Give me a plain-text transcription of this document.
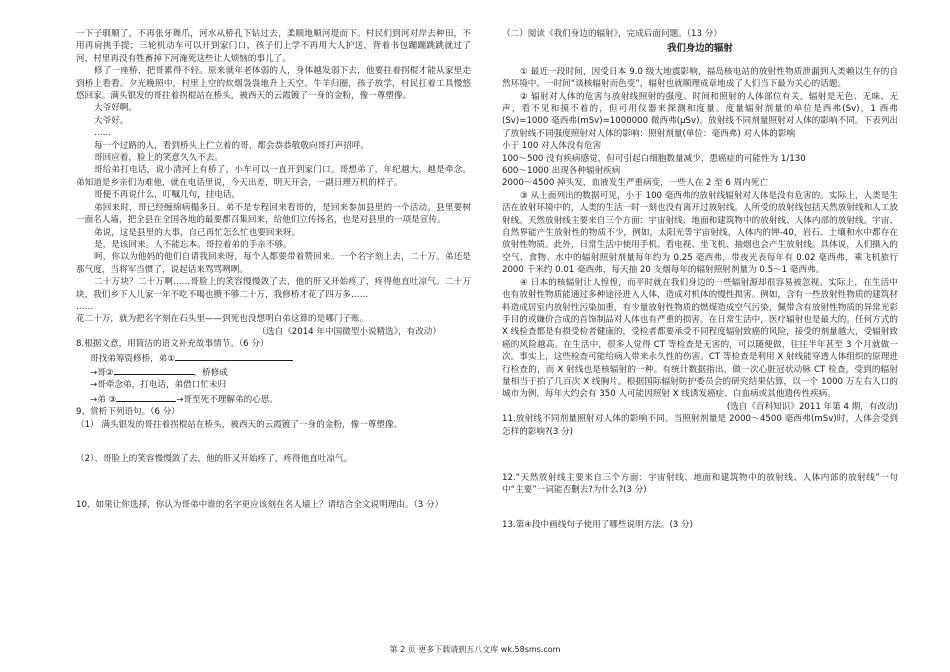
一下子驯顺了，不再张牙舞爪，河水从桥孔下钻过去，柔顺地顺河堤而下。村民们到河对岸去种田，不用再肩挑手提；三轮机动车可以开到家门口，孩子们上学不再用大人护送，背着书包蹦蹦跳跳就过了河，村里再没有牲畜掉下河淹死这些让人烦恼的事儿了。

修了一座桥，把哥累得不轻。原来就年老体弱的人，身体越发弱下去，他要拄着拐棍才能从家里走到桥上看看。夕光晚照中，村里上空的炊烟袅袅地升上天空。牛羊归圈，孩子放学，村民扛着工具慢悠悠回家。满头银发的哥拄着拐棍站在桥头，被西天的云霞镀了一身的金粉，像一尊塑像。

大爷好啊。

大爷好。

……

每一个过路的人，看到桥头上伫立着的哥，都会恭恭敬敬向哥打声招呼。

哥回应着，脸上的笑意久久不去。

哥给弟打电话，说小清河上有桥了，小车可以一直开到家门口。哥想弟了，年纪越大，越是牵念。弟知道是乡亲们为难他，就在电话里说，今天出差，明天开会，一副日理万机的样子。

哥便不再说什么，叮嘱几句，挂电话。

弟回来时，哥已经缠绵病榻多日。弟不是专程回来看哥的，是回来参加县里的一个活动。县里要树一面名人墙，把全县在全国各地的最要都召集回来，给他们立传扬名，也是对县里的一项是宣传。

弟说，这是县里的大事，自己再忙怎么忙也要回来呀。

是，是该回来。人不能忘本。哥拉着弟的手亲不够。

呵，你以为他妈的他们自请我回来呀，每个人都要带着赞回来。一个名字刻上去，二十万。弟还是那气度，当将军当惯了，说起话来骂骂咧咧。

二十万块？二十万啊……哥脸上的笑容慢慢敛了去，他的肝又开始疼了，疼得他直吐凉气。二十万块，我们乡下人儿家一年不吃不喝也攒不够二十万，我修桥才花了四万多……

……

花二十万，就为把名字刻在石头里——到死也没想明白弟这算的是哪门子账。

（选自《2014 年中国微型小说精选》，有改动）

8.根据文意，用简洁的语文补充故事情节。（6 分）

哥找弟筹资修桥，弟①

→哥②	，桥修成

→哥牵念弟，打电话，弟借口忙未归

→弟 ③	→哥至死不理解弟的心思。

9、赏析下列语句。（6 分）

（1） 满头银发的哥拄着拐棍站在桥头，被西天的云霞镀了一身的金粉，像一尊塑像。

（2）、哥脸上的笑容慢慢敛了去，他的肝又开始疼了，疼得他直吐凉气。

10、如果让你选择，你认为哥弟中谁的名字更应该刻在名人墙上？请结合全文说明理由。（3 分）

（二）阅读《我们身边的辐射》，完成后面问题。（13 分）

我们身边的辐射

① 最近一段时间，因受日本 9.0 级大地震影响，福岛核电站的放射性物质泄漏到人类赖以生存的自然环境中。一时间“谈核辐射而色变”，辐射也就顺理成章地成了人们当下最为关心的话题。

② 辐射对人体的危害与放射线照射的强度、时间和照射的人体部位有关。辐射是无色、无味、无声，看不见和摸不着的，但可用仪器来探测和度量。度量辐射剂量的单位是西弗(Sv)，1 西弗(Sv)=1000 毫西弗(mSv)=1000000 微西弗(μSv)。放射线不同剂量照射对人体的影响不同。下表列出了放射线不同强度照射对人体的影响：照射剂量(单位：毫西弗) 对人体的影响

小于 100 对人体没有危害

100～500 没有疾病感觉，但可引起白细胞数量减少，患癌症的可能性为 1/130

600～1000 出现各种辐射疾病

2000～4500 掉头发，血液发生严重病变，一些人在 2 至 6 周内死亡

③ 从上面列出的数据可见，小于 100 毫西弗的放射线辐射对人体是没有危害的。实际上，人类是生活在放射环境中的，人类的生活一时一刻也没有离开过放射线。人所受的放射线包括天然放射线和人工放射线。天然放射线主要来自三个方面：宇宙射线、地面和建筑物中的放射线、人体内部的放射线。宇宙、自然界能产生放射性的物质不少，例如，太阳光等宇宙射线，人体内的钾-40，岩石、土壤和水中都存在放射性物质。此外，日常生活中使用手机、看电视、坐飞机、抽烟也会产生放射线。具体说，人们摄入的空气、食物、水中的辐射照射剂量每年约为 0.25 毫西弗，带夜光表每年有 0.02 毫西弗，乘飞机旅行 2000 千米约 0.01 毫西弗，每天抽 20 支烟每年的辐射照射剂量为 0.5～1 毫西弗。

④ 日本的核辐射让人惶惶，而平时就在我们身边的一些辐射源却很容易被忽视。实际上，在生活中也有放射性物质能通过多种途径进入人体，造成对机体的慢性损害。例如，含有一些放射性物质的建筑材料造成居室内放射性污染加重，有少量放射性物质的燃煤造成空气污染，佩带含有放射性物质的异常光彩手目的或嫌价合成的首饰制品对人体也有严重的损害。在日常生活中，医疗辐射也是最大的。任何方式的 X 线检查都是有损受检者健康的，受检者都要承受不同程度辐射致癌的风险，接受的剂量越大，受辐射致癌的风险越高。在生活中，很多人觉得 CT 等检查是无害的，可以随便做，往往半年甚至 3 个月就做一次。事实上，这些检查可能给病人带来永久性的伤害。CT 等检查是利用 X 射线能穿透人体组织的原理进行检查的，而 X 射线也是核辐射的一种。有统计数据指出，做一次心脏冠状动脉 CT 检查，受到的辐射量相当于拍了几百次 X 线胸片。根据国际辐射防护委员会的研究结果估算，以一个 1000 万左右人口的城市为例，每年大约会有 350 人可能因照射 X 线诱发癌症、白血病或其他遗传性疾病。

(选自《百科知识》2011 年第 4 期，有改动)

11.放射线不同剂量照射对人体的影响不同。当照射剂量是 2000～4500 毫西弗(mSv)时，人体会受到怎样的影响?(3 分)

12.“天然放射线主要来自三个方面：宇宙射线、地面和建筑物中的放射线、人体内部的放射线”一句中“主要”一词能否删去?为什么?(3 分)

13.第④段中画线句子使用了哪些说明方法。(3 分)

第 2 页 更多下载请到五八文库 wk.58sms.com
